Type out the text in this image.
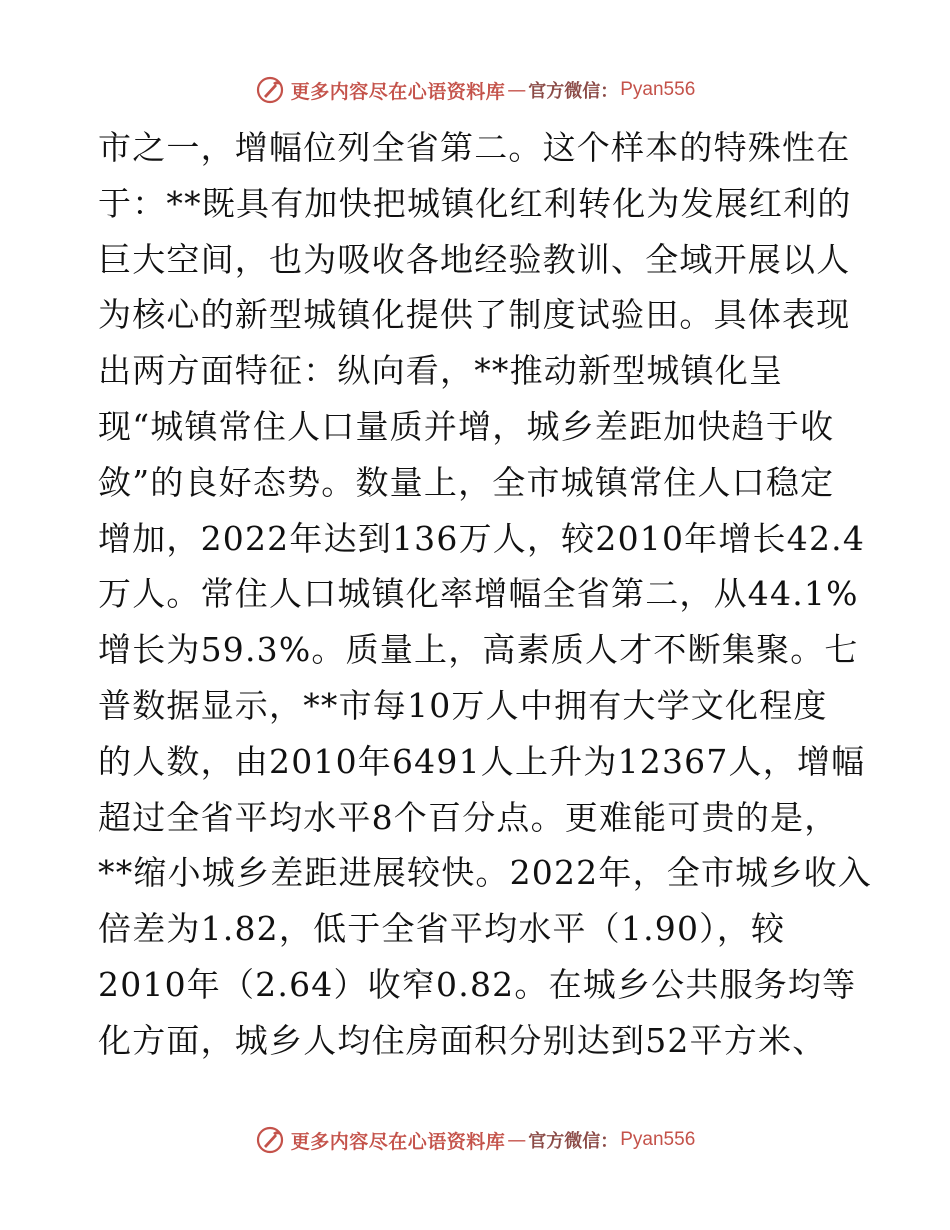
更多内容尽在心语资料库 — 官方微信： Pyan556
市之一，增幅位列全省第二。这个样本的特殊性在
于：**既具有加快把城镇化红利转化为发展红利的
巨大空间，也为吸收各地经验教训、全域开展以人
为核心的新型城镇化提供了制度试验田。具体表现
出两方面特征：纵向看，**推动新型城镇化呈
现“城镇常住人口量质并增，城乡差距加快趋于收
敛”的良好态势。数量上，全市城镇常住人口稳定
增加，2022年达到136万人，较2010年增长42.4
万人。常住人口城镇化率增幅全省第二，从44.1%
增长为59.3%。质量上，高素质人才不断集聚。七
普数据显示，**市每10万人中拥有大学文化程度
的人数，由2010年6491人上升为12367人，增幅
超过全省平均水平8个百分点。更难能可贵的是，
**缩小城乡差距进展较快。2022年，全市城乡收入
倍差为1.82，低于全省平均水平（1.90），较
2010年（2.64）收窄0.82。在城乡公共服务均等
化方面，城乡人均住房面积分别达到52平方米、
更多内容尽在心语资料库 — 官方微信： Pyan556
